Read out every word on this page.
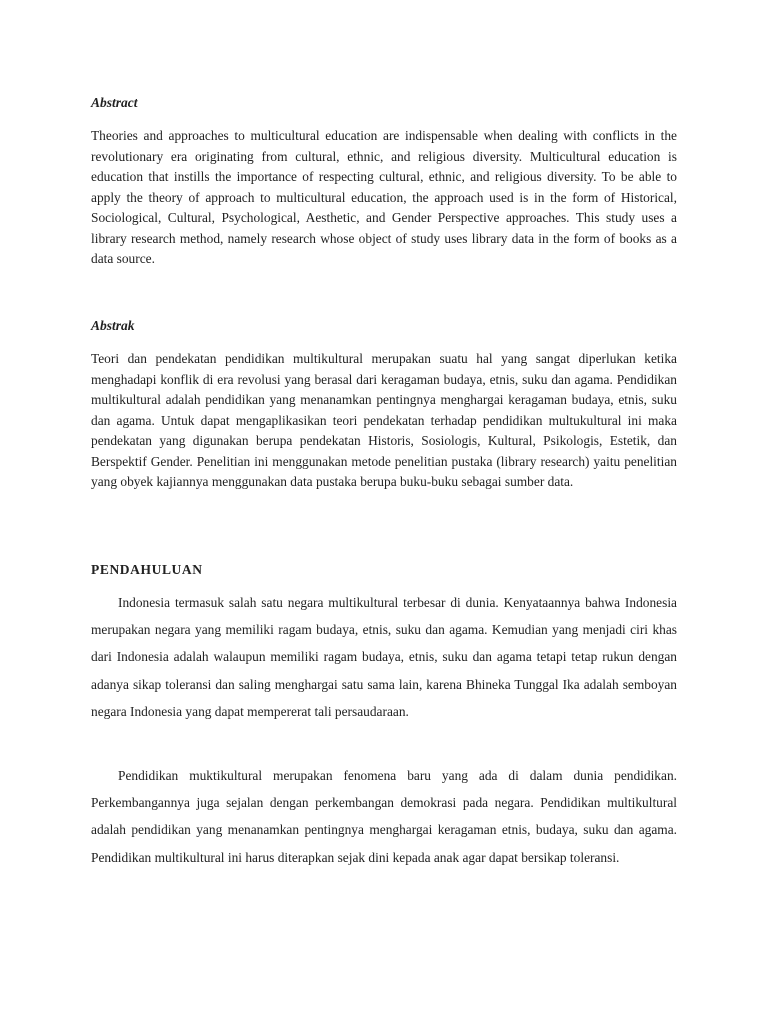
Abstract

Theories and approaches to multicultural education are indispensable when dealing with conflicts in the revolutionary era originating from cultural, ethnic, and religious diversity. Multicultural education is education that instills the importance of respecting cultural, ethnic, and religious diversity. To be able to apply the theory of approach to multicultural education, the approach used is in the form of Historical, Sociological, Cultural, Psychological, Aesthetic, and Gender Perspective approaches. This study uses a library research method, namely research whose object of study uses library data in the form of books as a data source.

Abstrak

Teori dan pendekatan pendidikan multikultural merupakan suatu hal yang sangat diperlukan ketika menghadapi konflik di era revolusi yang berasal dari keragaman budaya, etnis, suku dan agama. Pendidikan multikultural adalah pendidikan yang menanamkan pentingnya menghargai keragaman budaya, etnis, suku dan agama. Untuk dapat mengaplikasikan teori pendekatan terhadap pendidikan multukultural ini maka pendekatan yang digunakan berupa pendekatan Historis, Sosiologis, Kultural, Psikologis, Estetik, dan Berspektif Gender. Penelitian ini menggunakan metode penelitian pustaka (library research) yaitu penelitian yang obyek kajiannya menggunakan data pustaka berupa buku-buku sebagai sumber data.

PENDAHULUAN

Indonesia termasuk salah satu negara multikultural terbesar di dunia. Kenyataannya bahwa Indonesia merupakan negara yang memiliki ragam budaya, etnis, suku dan agama. Kemudian yang menjadi ciri khas dari Indonesia adalah walaupun memiliki ragam budaya, etnis, suku dan agama tetapi tetap rukun dengan adanya sikap toleransi dan saling menghargai satu sama lain, karena Bhineka Tunggal Ika adalah semboyan negara Indonesia yang dapat mempererat tali persaudaraan.

Pendidikan muktikultural merupakan fenomena baru yang ada di dalam dunia pendidikan. Perkembangannya juga sejalan dengan perkembangan demokrasi pada negara. Pendidikan multikultural adalah pendidikan yang menanamkan pentingnya menghargai keragaman etnis, budaya, suku dan agama. Pendidikan multikultural ini harus diterapkan sejak dini kepada anak agar dapat bersikap toleransi.
